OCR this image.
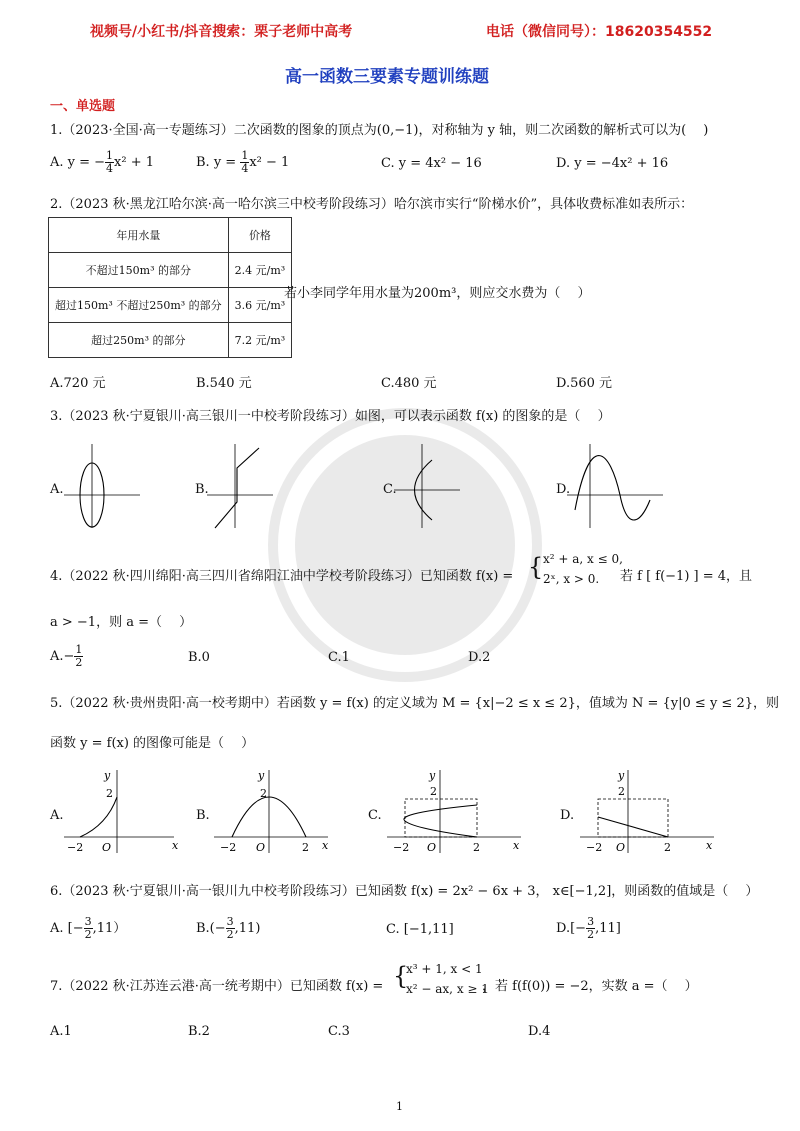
视频号/小红书/抖音搜索：栗子老师中高考	电话（微信同号）：18620354552
高一函数三要素专题训练题
一、单选题
1.（2023·全国·高一专题练习）二次函数的图象的顶点为(0,−1)，对称轴为 y 轴，则二次函数的解析式可以为(　 )
A. y = − $\frac{1}{4} x^2 + 1$	B. $y = \frac{1}{4} x^2 - 1$	C. y = 4x² − 16	D. y = −4x² + 16
2.（2023 秋·黑龙江哈尔滨·高一哈尔滨三中校考阶段练习）哈尔滨市实行“阶梯水价”，具体收费标准如表所示：
年用水量	价格
不超过150m³ 的部分	2.4 元/m³
超过150m³ 不超过250m³ 的部分	3.6 元/m³
超过250m³ 的部分	7.2 元/m³
若小李同学年用水量为200m³，则应交水费为（　 ）
A.720 元	B.540 元	C.480 元	D.560 元
3.（2023 秋·宁夏银川·高三银川一中校考阶段练习）如图，可以表示函数 f(x) 的图象的是（　 ）
A.	B.	C.	D.
4.（2022 秋·四川绵阳·高三四川省绵阳江油中学校考阶段练习）已知函数 f(x) = { x² + a, x ≤ 0,
2ˣ, x > 0. 若 f [ f(−1) ] = 4，且
a > −1，则 a =（　 ）
$A.- \frac{1}{2}$	B.0	C.1	D.2
5.（2022 秋·贵州贵阳·高一校考期中）若函数 y = f(x) 的定义域为 M = {x|−2 ≤ x ≤ 2}，值域为 N = {y|0 ≤ y ≤ 2}，则
函数 y = f(x) 的图像可能是（　 ）
A.
−2 O
2
x
y
B.
−2 O	2
2
x
y
C.
−2 O	2
2
x
y
D.
−2 O	2
2
x
y
6.（2023 秋·宁夏银川·高一银川九中校考阶段练习）已知函数 f(x) = 2x² − 6x + 3， x∈[−1,2]，则函数的值域是（　 ）
A. [− $\frac{3}{2} ,11$）	$B.(- \frac{3}{2} ,11)$	C. [−1,11]	$D.[- \frac{3}{2} ,11]$
7.（2022 秋·江苏连云港·高一统考期中）已知函数 f(x) = {
x³ + 1, x < 1
x² − ax, x ≥ 1
，若 f(f(0)) = −2，实数 a =（　 ）
A.1	B.2	C.3	D.4
1
